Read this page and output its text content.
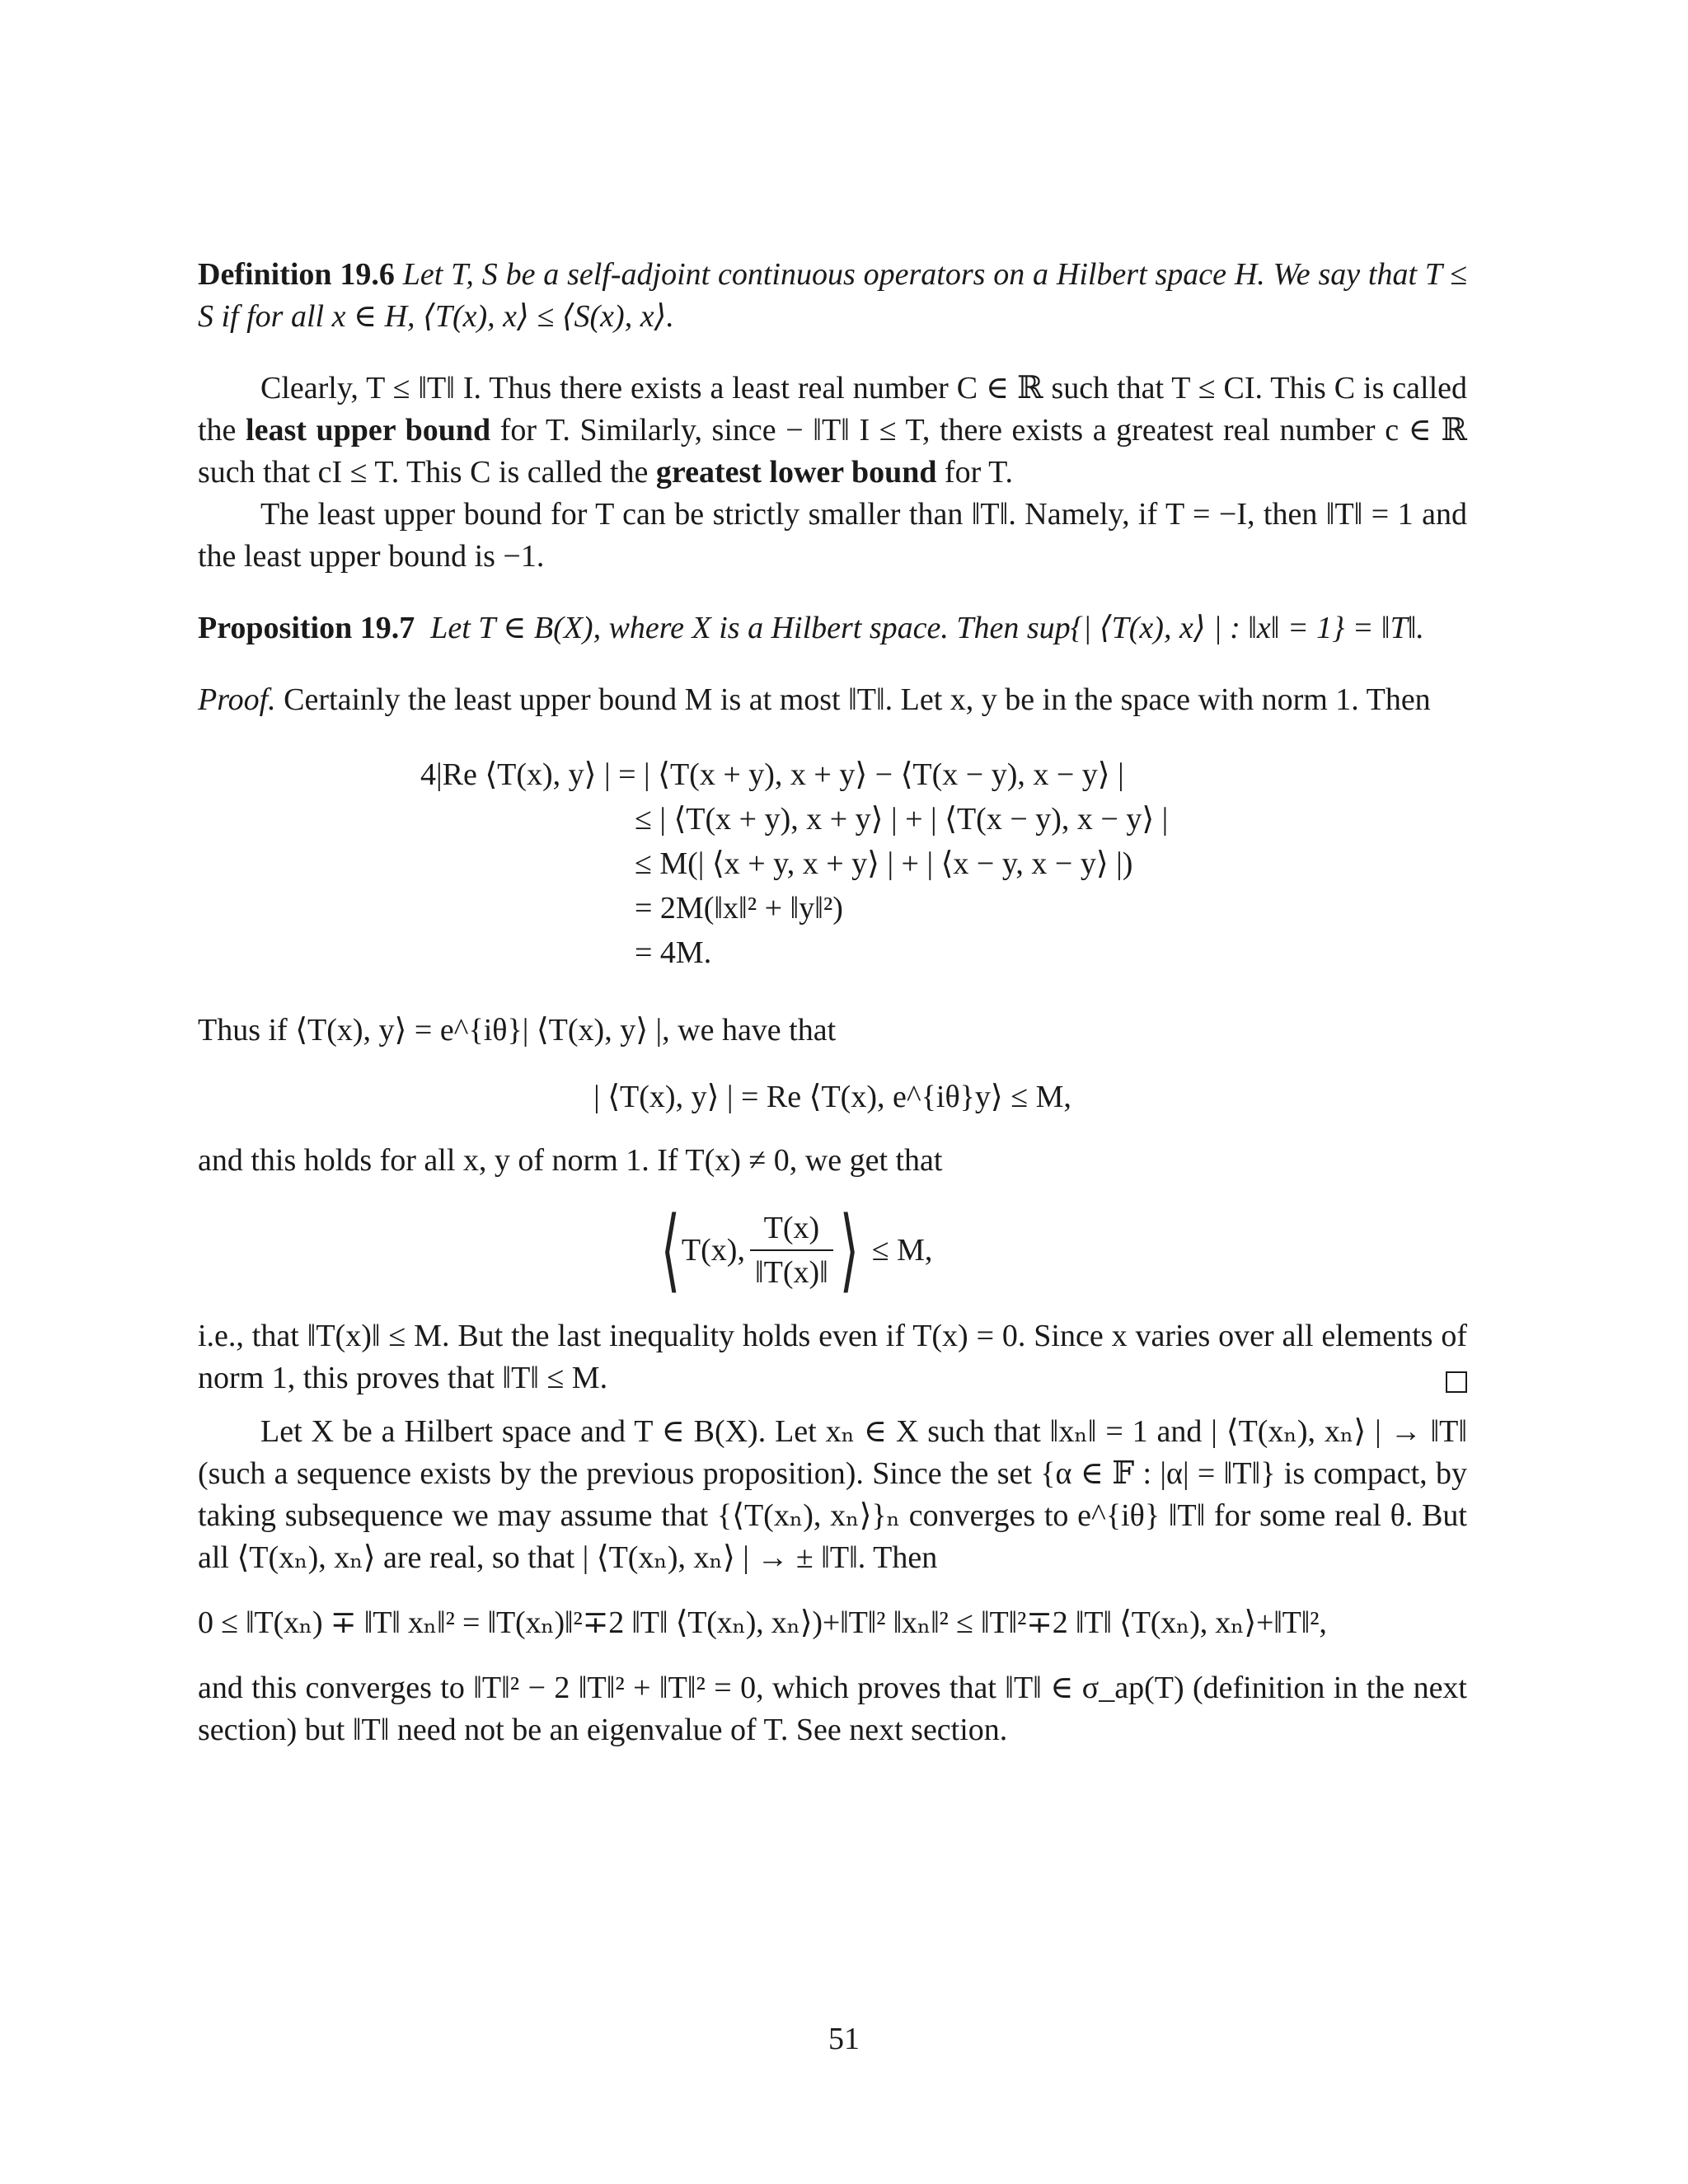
Definition 19.6 Let T, S be a self-adjoint continuous operators on a Hilbert space H. We say that T ≤ S if for all x ∈ H, ⟨T(x), x⟩ ≤ ⟨S(x), x⟩.

Clearly, T ≤ ‖T‖ I. Thus there exists a least real number C ∈ ℝ such that T ≤ CI. This C is called the least upper bound for T. Similarly, since − ‖T‖ I ≤ T, there exists a greatest real number c ∈ ℝ such that cI ≤ T. This C is called the greatest lower bound for T.

The least upper bound for T can be strictly smaller than ‖T‖. Namely, if T = −I, then ‖T‖ = 1 and the least upper bound is −1.

Proposition 19.7 Let T ∈ B(X), where X is a Hilbert space. Then sup{| ⟨T(x), x⟩ | : ‖x‖ = 1} = ‖T‖.

Proof. Certainly the least upper bound M is at most ‖T‖. Let x, y be in the space with norm 1. Then

4|Re ⟨T(x), y⟩ | = | ⟨T(x + y), x + y⟩ − ⟨T(x − y), x − y⟩ |
≤ | ⟨T(x + y), x + y⟩ | + | ⟨T(x − y), x − y⟩ |
≤ M(| ⟨x + y, x + y⟩ | + | ⟨x − y, x − y⟩ |)
= 2M(‖x‖² + ‖y‖²)
= 4M.

Thus if ⟨T(x), y⟩ = e^{iθ}| ⟨T(x), y⟩ |, we have that

| ⟨T(x), y⟩ | = Re ⟨T(x), e^{iθ}y⟩ ≤ M,

and this holds for all x, y of norm 1. If T(x) ≠ 0, we get that

⟨ T(x), $\frac{T(x)}{‖T(x)‖}$ ⟩ ≤ M,

i.e., that ‖T(x)‖ ≤ M. But the last inequality holds even if T(x) = 0. Since x varies over all elements of norm 1, this proves that ‖T‖ ≤ M.

Let X be a Hilbert space and T ∈ B(X). Let xₙ ∈ X such that ‖xₙ‖ = 1 and | ⟨T(xₙ), xₙ⟩ | → ‖T‖ (such a sequence exists by the previous proposition). Since the set {α ∈ 𝔽 : |α| = ‖T‖} is compact, by taking subsequence we may assume that {⟨T(xₙ), xₙ⟩}ₙ converges to e^{iθ} ‖T‖ for some real θ. But all ⟨T(xₙ), xₙ⟩ are real, so that | ⟨T(xₙ), xₙ⟩ | → ± ‖T‖. Then

0 ≤ ‖T(xₙ) ∓ ‖T‖ xₙ‖² = ‖T(xₙ)‖²∓2 ‖T‖ ⟨T(xₙ), xₙ⟩)+‖T‖² ‖xₙ‖² ≤ ‖T‖²∓2 ‖T‖ ⟨T(xₙ), xₙ⟩+‖T‖²,

and this converges to ‖T‖² − 2 ‖T‖² + ‖T‖² = 0, which proves that ‖T‖ ∈ σ_ap(T) (definition in the next section) but ‖T‖ need not be an eigenvalue of T. See next section.

51
